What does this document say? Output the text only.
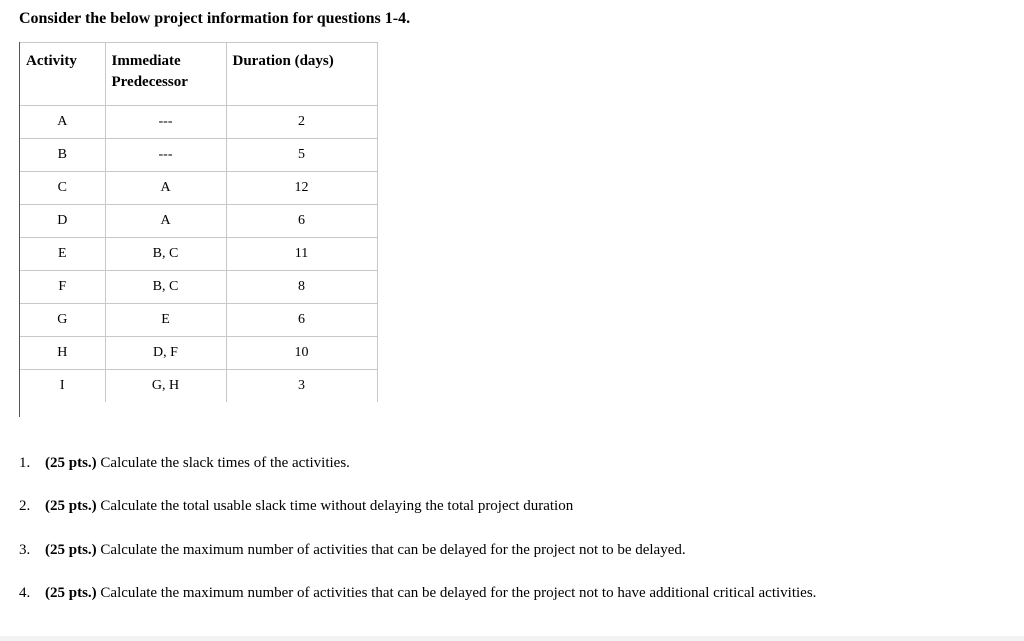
Consider the below project information for questions 1-4.
Activity	Immediate Predecessor	Duration (days)
A	---	2
B	---	5
C	A	12
D	A	6
E	B, C	11
F	B, C	8
G	E	6
H	D, F	10
I	G, H	3
1. (25 pts.) Calculate the slack times of the activities.
2. (25 pts.) Calculate the total usable slack time without delaying the total project duration
3. (25 pts.) Calculate the maximum number of activities that can be delayed for the project not to be delayed.
4. (25 pts.) Calculate the maximum number of activities that can be delayed for the project not to have additional critical activities.
